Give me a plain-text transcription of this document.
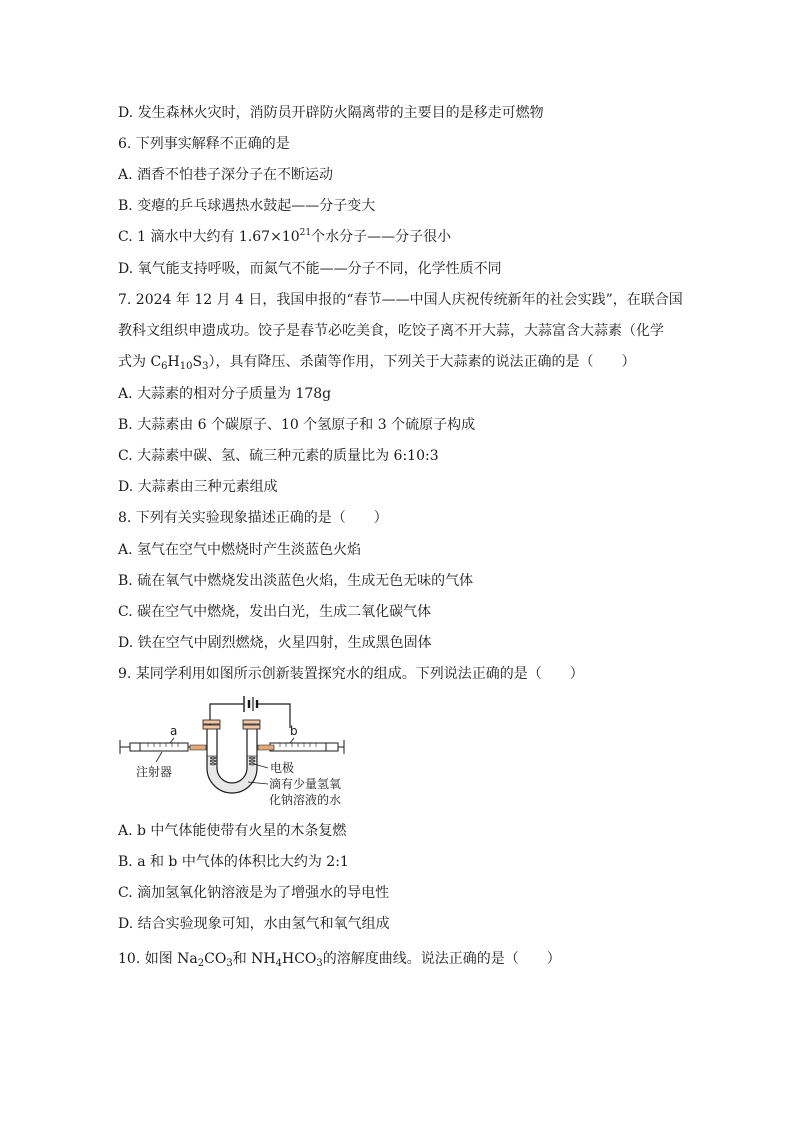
D. 发生森林火灾时，消防员开辟防火隔离带的主要目的是移走可燃物
6. 下列事实解释不正确的是
A. 酒香不怕巷子深分子在不断运动
B. 变瘪的乒乓球遇热水鼓起——分子变大
C. 1 滴水中大约有 $1.67\times 10^{21}$个水分子——分子很小
D. 氧气能支持呼吸，而氮气不能——分子不同，化学性质不同
7. 2024 年 12 月 4 日，我国申报的“春节——中国人庆祝传统新年的社会实践”，在联合国
教科文组织申遗成功。饺子是春节必吃美食，吃饺子离不开大蒜，大蒜富含大蒜素（化学
式为 $C_6H_{10}S_3$），具有降压、杀菌等作用，下列关于大蒜素的说法正确的是（　　）
A. 大蒜素的相对分子质量为 178g
B. 大蒜素由 6 个碳原子、10 个氢原子和 3 个硫原子构成
C. 大蒜素中碳、氢、硫三种元素的质量比为 6:10:3
D. 大蒜素由三种元素组成
8. 下列有关实验现象描述正确的是（　　）
A. 氢气在空气中燃烧时产生淡蓝色火焰
B. 硫在氧气中燃烧发出淡蓝色火焰，生成无色无味的气体
C. 碳在空气中燃烧，发出白光，生成二氧化碳气体
D. 铁在空气中剧烈燃烧，火星四射，生成黑色固体
9. 某同学利用如图所示创新装置探究水的组成。下列说法正确的是（　　）
a	b
注射器	电极
滴有少量氢氧
化钠溶液的水
A. b 中气体能使带有火星的木条复燃
B. a 和 b 中气体的体积比大约为 2:1
C. 滴加氢氧化钠溶液是为了增强水的导电性
D. 结合实验现象可知，水由氢气和氧气组成
10. 如图 $Na_2CO_3$和 $NH_4HCO_3$的溶解度曲线。说法正确的是（　　）
